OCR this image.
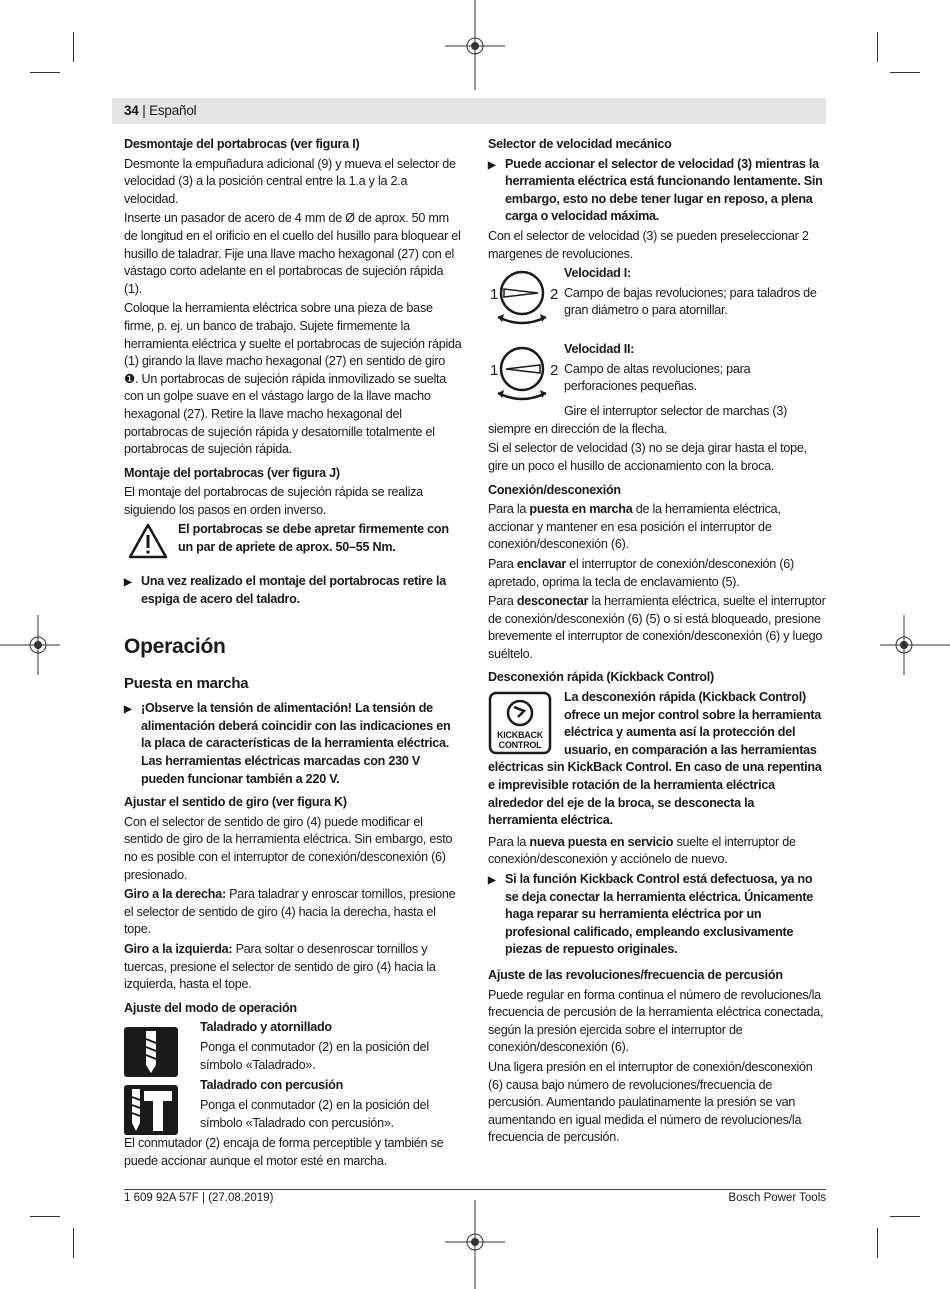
34 | Español

Desmontaje del portabrocas (ver figura I)

Desmonte la empuñadura adicional (9) y mueva el selector de velocidad (3) a la posición central entre la 1.a y la 2.a velocidad.

Inserte un pasador de acero de 4 mm de Ø de aprox. 50 mm de longitud en el orificio en el cuello del husillo para bloquear el husillo de taladrar. Fije una llave macho hexagonal (27) con el vástago corto adelante en el portabrocas de sujeción rápida (1).

Coloque la herramienta eléctrica sobre una pieza de base firme, p. ej. un banco de trabajo. Sujete firmemente la herramienta eléctrica y suelte el portabrocas de sujeción rápida (1) girando la llave macho hexagonal (27) en sentido de giro ❶. Un portabrocas de sujeción rápida inmovilizado se suelta con un golpe suave en el vástago largo de la llave macho hexagonal (27). Retire la llave macho hexagonal del portabrocas de sujeción rápida y desatornille totalmente el portabrocas de sujeción rápida.

Montaje del portabrocas (ver figura J)

El montaje del portabrocas de sujeción rápida se realiza siguiendo los pasos en orden inverso.

El portabrocas se debe apretar firmemente con un par de apriete de aprox. 50–55 Nm.

▶ Una vez realizado el montaje del portabrocas retire la espiga de acero del taladro.

Operación
Puesta en marcha

▶ ¡Observe la tensión de alimentación! La tensión de alimentación deberá coincidir con las indicaciones en la placa de características de la herramienta eléctrica. Las herramientas eléctricas marcadas con 230 V pueden funcionar también a 220 V.

Ajustar el sentido de giro (ver figura K)

Con el selector de sentido de giro (4) puede modificar el sentido de giro de la herramienta eléctrica. Sin embargo, esto no es posible con el interruptor de conexión/desconexión (6) presionado.

Giro a la derecha: Para taladrar y enroscar tornillos, presione el selector de sentido de giro (4) hacia la derecha, hasta el tope.

Giro a la izquierda: Para soltar o desenroscar tornillos y tuercas, presione el selector de sentido de giro (4) hacia la izquierda, hasta el tope.

Ajuste del modo de operación

Taladrado y atornillado
Ponga el conmutador (2) en la posición del símbolo «Taladrado».
Taladrado con percusión
Ponga el conmutador (2) en la posición del símbolo «Taladrado con percusión».

El conmutador (2) encaja de forma perceptible y también se puede accionar aunque el motor esté en marcha.

Selector de velocidad mecánico

▶ Puede accionar el selector de velocidad (3) mientras la herramienta eléctrica está funcionando lentamente. Sin embargo, esto no debe tener lugar en reposo, a plena carga o velocidad máxima.

Con el selector de velocidad (3) se pueden preseleccionar 2 margenes de revoluciones.

1	2
Velocidad I:
Campo de bajas revoluciones; para taladros de gran diámetro o para atornillar.
1	2
Velocidad II:
Campo de altas revoluciones; para perforaciones pequeñas.

Gire el interruptor selector de marchas (3) siempre en dirección de la flecha.

Si el selector de velocidad (3) no se deja girar hasta el tope, gire un poco el husillo de accionamiento con la broca.

Conexión/desconexión

Para la puesta en marcha de la herramienta eléctrica, accionar y mantener en esa posición el interruptor de conexión/desconexión (6).

Para enclavar el interruptor de conexión/desconexión (6) apretado, oprima la tecla de enclavamiento (5).

Para desconectar la herramienta eléctrica, suelte el interruptor de conexión/desconexión (6) (5) o si está bloqueado, presione brevemente el interruptor de conexión/desconexión (6) y luego suéltelo.

Desconexión rápida (Kickback Control)

KICKBACK
CONTROL
La desconexión rápida (Kickback Control) ofrece un mejor control sobre la herramienta eléctrica y aumenta así la protección del usuario, en comparación a las herramientas eléctricas sin KickBack Control. En caso de una repentina e imprevisible rotación de la herramienta eléctrica alrededor del eje de la broca, se desconecta la herramienta eléctrica.

Para la nueva puesta en servicio suelte el interruptor de conexión/desconexión y acciónelo de nuevo.

▶ Si la función Kickback Control está defectuosa, ya no se deja conectar la herramienta eléctrica. Únicamente haga reparar su herramienta eléctrica por un profesional calificado, empleando exclusivamente piezas de repuesto originales.

Ajuste de las revoluciones/frecuencia de percusión

Puede regular en forma continua el número de revoluciones/la frecuencia de percusión de la herramienta eléctrica conectada, según la presión ejercida sobre el interruptor de conexión/desconexión (6).

Una ligera presión en el interruptor de conexión/desconexión (6) causa bajo número de revoluciones/frecuencia de percusión. Aumentando paulatinamente la presión se van aumentando en igual medida el número de revoluciones/la frecuencia de percusión.

1 609 92A 57F | (27.08.2019)	Bosch Power Tools
